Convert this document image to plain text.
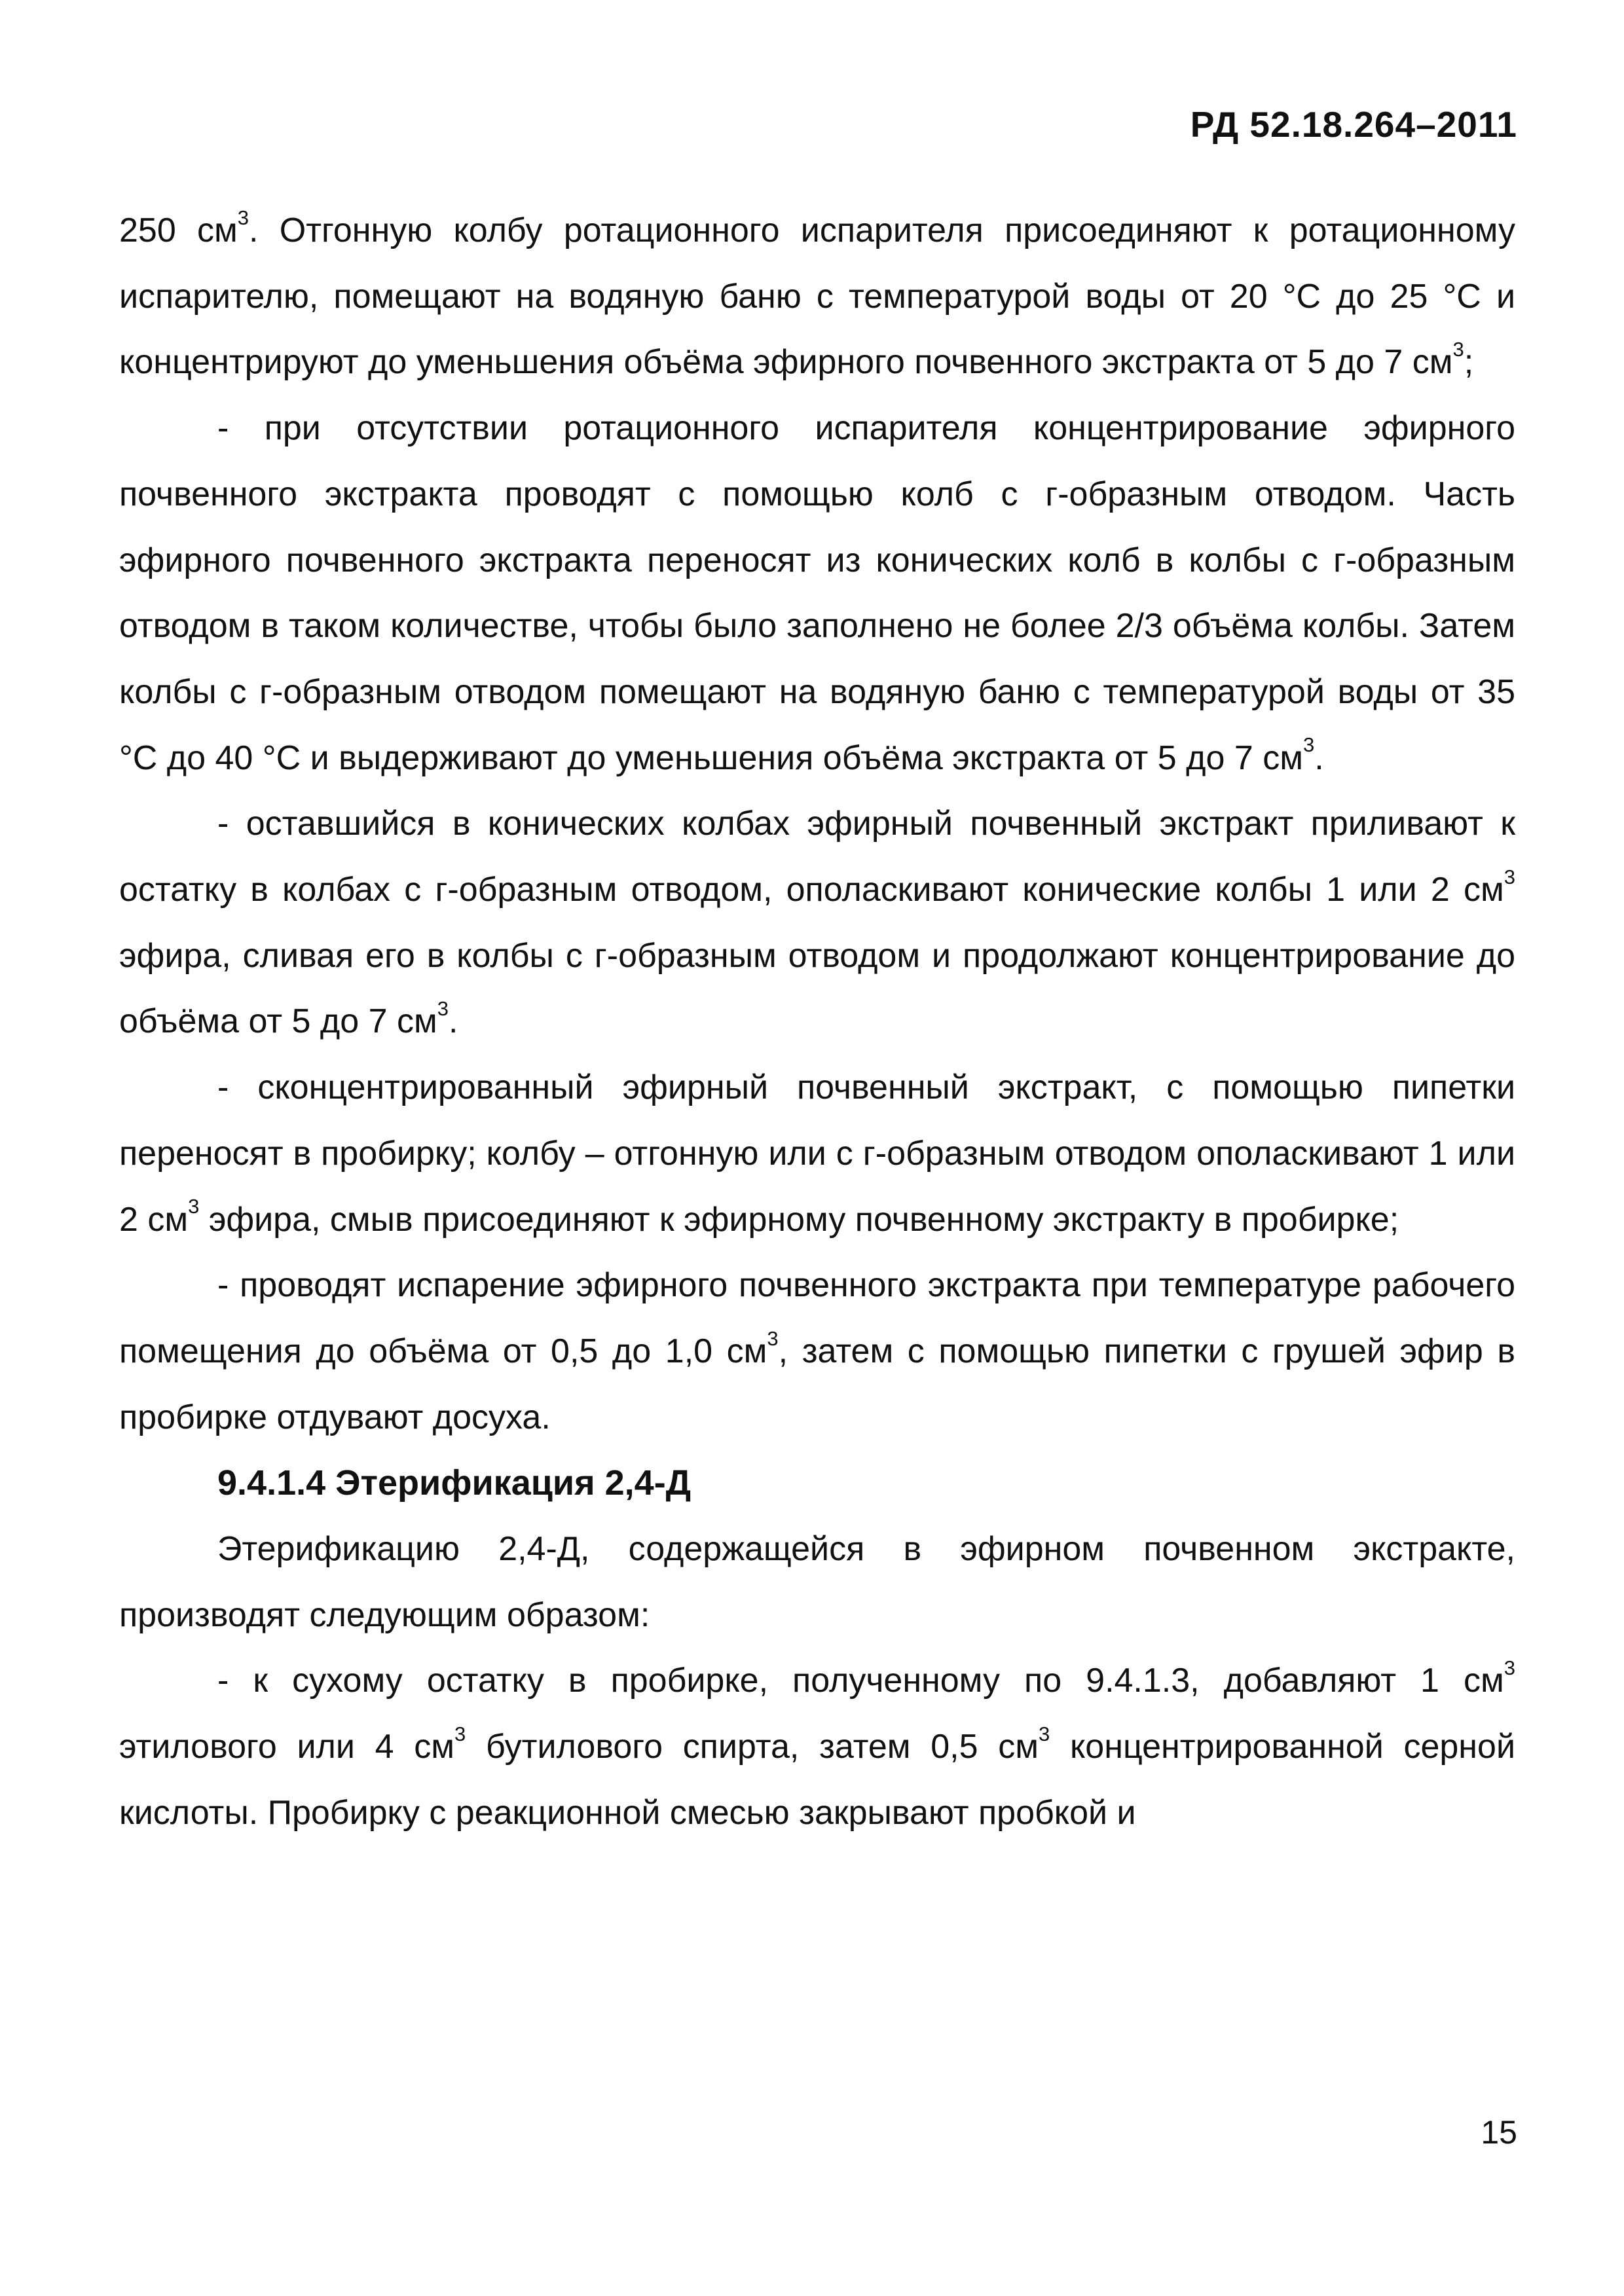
РД 52.18.264–2011

250 $см^3$. Отгонную колбу ротационного испарителя присоединяют к ротационному испарителю, помещают на водяную баню с температурой воды от 20 °С до 25 °С и концентрируют до уменьшения объёма эфирного почвенного экстракта от 5 до 7 $см^3$;

- при отсутствии ротационного испарителя концентрирование эфирного почвенного экстракта проводят с помощью колб с г-образным отводом. Часть эфирного почвенного экстракта переносят из конических колб в колбы с г-образным отводом в таком количестве, чтобы было заполнено не более 2/3 объёма колбы. Затем колбы с г-образным отводом помещают на водяную баню с температурой воды от 35 °С до 40 °С и выдерживают до уменьшения объёма экстракта от 5 до 7 $см^3$.

- оставшийся в конических колбах эфирный почвенный экстракт приливают к остатку в колбах с г-образным отводом, ополаскивают конические колбы 1 или 2 $см^3$ эфира, сливая его в колбы с г-образным отводом и продолжают концентрирование до объёма от 5 до 7 $см^3$.

- сконцентрированный эфирный почвенный экстракт, с помощью пипетки переносят в пробирку; колбу – отгонную или с г-образным отводом ополаскивают 1 или 2 $см^3$ эфира, смыв присоединяют к эфирному почвенному экстракту в пробирке;

- проводят испарение эфирного почвенного экстракта при температуре рабочего помещения до объёма от 0,5 до 1,0 $см^3$, затем с помощью пипетки с грушей эфир в пробирке отдувают досуха.

9.4.1.4 Этерификация 2,4-Д

Этерификацию 2,4-Д, содержащейся в эфирном почвенном экстракте, производят следующим образом:

- к сухому остатку в пробирке, полученному по 9.4.1.3, добавляют 1 $см^3$ этилового или 4 $см^3$ бутилового спирта, затем 0,5 $см^3$ концентрированной серной кислоты. Пробирку с реакционной смесью закрывают пробкой и

15
